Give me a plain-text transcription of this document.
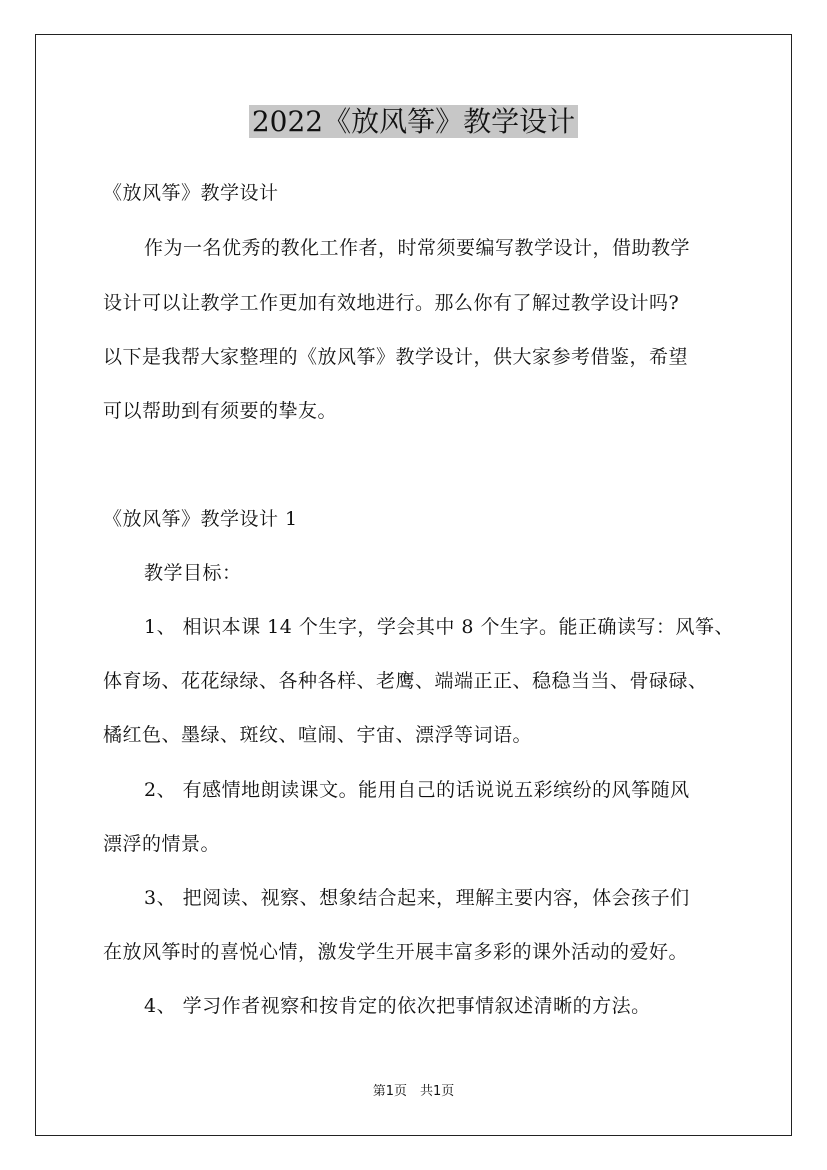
2022《放风筝》教学设计
《放风筝》教学设计
作为一名优秀的教化工作者，时常须要编写教学设计，借助教学
设计可以让教学工作更加有效地进行。那么你有了解过教学设计吗?
以下是我帮大家整理的《放风筝》教学设计，供大家参考借鉴，希望
可以帮助到有须要的挚友。
《放风筝》教学设计 1
教学目标：
1、 相识本课 14 个生字，学会其中 8 个生字。能正确读写：风筝、
体育场、花花绿绿、各种各样、老鹰、端端正正、稳稳当当、骨碌碌、
橘红色、墨绿、斑纹、喧闹、宇宙、漂浮等词语。
2、 有感情地朗读课文。能用自己的话说说五彩缤纷的风筝随风
漂浮的情景。
3、 把阅读、视察、想象结合起来，理解主要内容，体会孩子们
在放风筝时的喜悦心情，激发学生开展丰富多彩的课外活动的爱好。
4、 学习作者视察和按肯定的依次把事情叙述清晰的方法。
第1页　共1页
